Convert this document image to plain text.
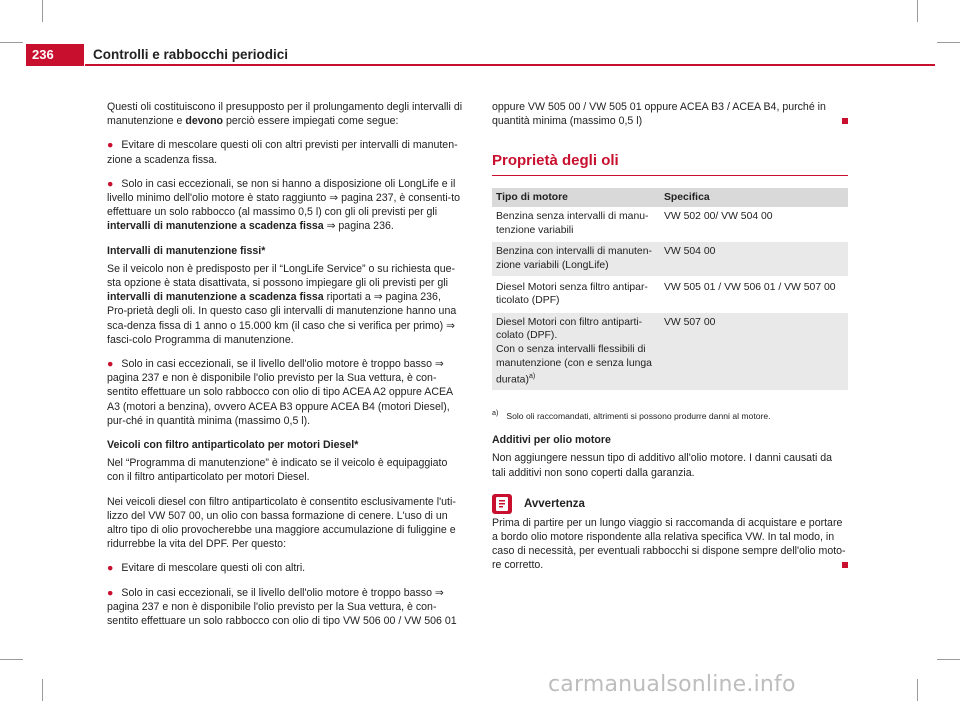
236	Controlli e rabbocchi periodici

Questi oli costituiscono il presupposto per il prolungamento degli intervalli di manutenzione e devono perciò essere impiegati come segue:

● Evitare di mescolare questi oli con altri previsti per intervalli di manuten-zione a scadenza fissa.

● Solo in casi eccezionali, se non si hanno a disposizione oli LongLife e il livello minimo dell'olio motore è stato raggiunto ⇒ pagina 237, è consenti-to effettuare un solo rabbocco (al massimo 0,5 l) con gli oli previsti per gli intervalli di manutenzione a scadenza fissa ⇒ pagina 236.

Intervalli di manutenzione fissi*

Se il veicolo non è predisposto per il “LongLife Service” o su richiesta que-sta opzione è stata disattivata, si possono impiegare gli oli previsti per gli intervalli di manutenzione a scadenza fissa riportati a ⇒ pagina 236, Pro-prietà degli oli. In questo caso gli intervalli di manutenzione hanno una sca-denza fissa di 1 anno o 15.000 km (il caso che si verifica per primo) ⇒ fasci-colo Programma di manutenzione.

● Solo in casi eccezionali, se il livello dell'olio motore è troppo basso ⇒ pagina 237 e non è disponibile l'olio previsto per la Sua vettura, è con-sentito effettuare un solo rabbocco con olio di tipo ACEA A2 oppure ACEA A3 (motori a benzina), ovvero ACEA B3 oppure ACEA B4 (motori Diesel), pur-ché in quantità minima (massimo 0,5 l).

Veicoli con filtro antiparticolato per motori Diesel*

Nel “Programma di manutenzione” è indicato se il veicolo è equipaggiato con il filtro antiparticolato per motori Diesel.

Nei veicoli diesel con filtro antiparticolato è consentito esclusivamente l'uti-lizzo del VW 507 00, un olio con bassa formazione di cenere. L'uso di un altro tipo di olio provocherebbe una maggiore accumulazione di fuliggine e ridurrebbe la vita del DPF. Per questo:

● Evitare di mescolare questi oli con altri.

● Solo in casi eccezionali, se il livello dell'olio motore è troppo basso ⇒ pagina 237 e non è disponibile l'olio previsto per la Sua vettura, è con-sentito effettuare un solo rabbocco con olio di tipo VW 506 00 / VW 506 01

oppure VW 505 00 / VW 505 01 oppure ACEA B3 / ACEA B4, purché in quantità minima (massimo 0,5 l)

Proprietà degli oli
Tipo di motore	Specifica
Benzina senza intervalli di manu-tenzione variabili	VW 502 00/ VW 504 00
Benzina con intervalli di manuten-zione variabili (LongLife)	VW 504 00
Diesel Motori senza filtro antipar-ticolato (DPF)	VW 505 01 / VW 506 01 / VW 507 00
Diesel Motori con filtro antiparti-colato (DPF).
Con o senza intervalli flessibili di manutenzione (con e senza lunga durata)$^{a)}$	VW 507 00
$^{a)}$ Solo oli raccomandati, altrimenti si possono produrre danni al motore.

Additivi per olio motore

Non aggiungere nessun tipo di additivo all'olio motore. I danni causati da tali additivi non sono coperti dalla garanzia.

Avvertenza

Prima di partire per un lungo viaggio si raccomanda di acquistare e portare a bordo olio motore rispondente alla relativa specifica VW. In tal modo, in caso di necessità, per eventuali rabbocchi si dispone sempre dell'olio moto-re corretto.

carmanualsonline.info
